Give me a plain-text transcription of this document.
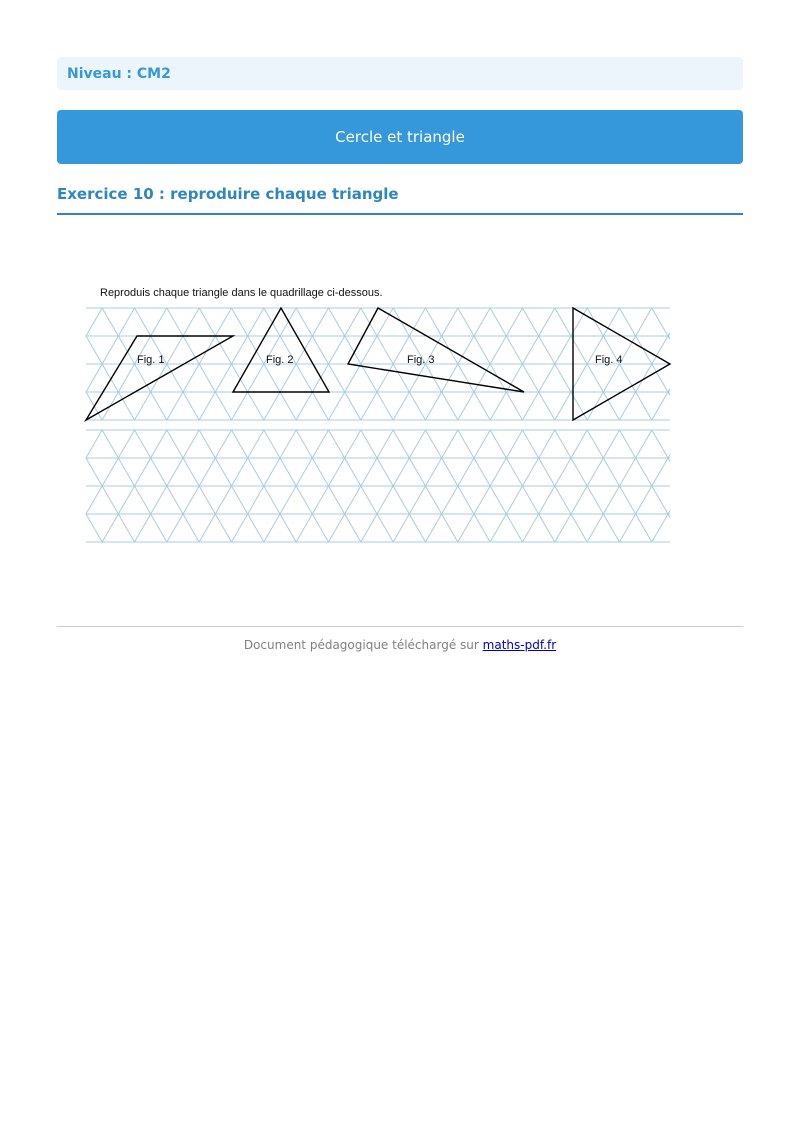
Niveau : CM2
Cercle et triangle
Exercice 10 : reproduire chaque triangle
Fig. 1	Fig. 2	Fig. 3	Fig. 4
Reproduis chaque triangle dans le quadrillage ci-dessous.
Document pédagogique téléchargé sur maths-pdf.fr
